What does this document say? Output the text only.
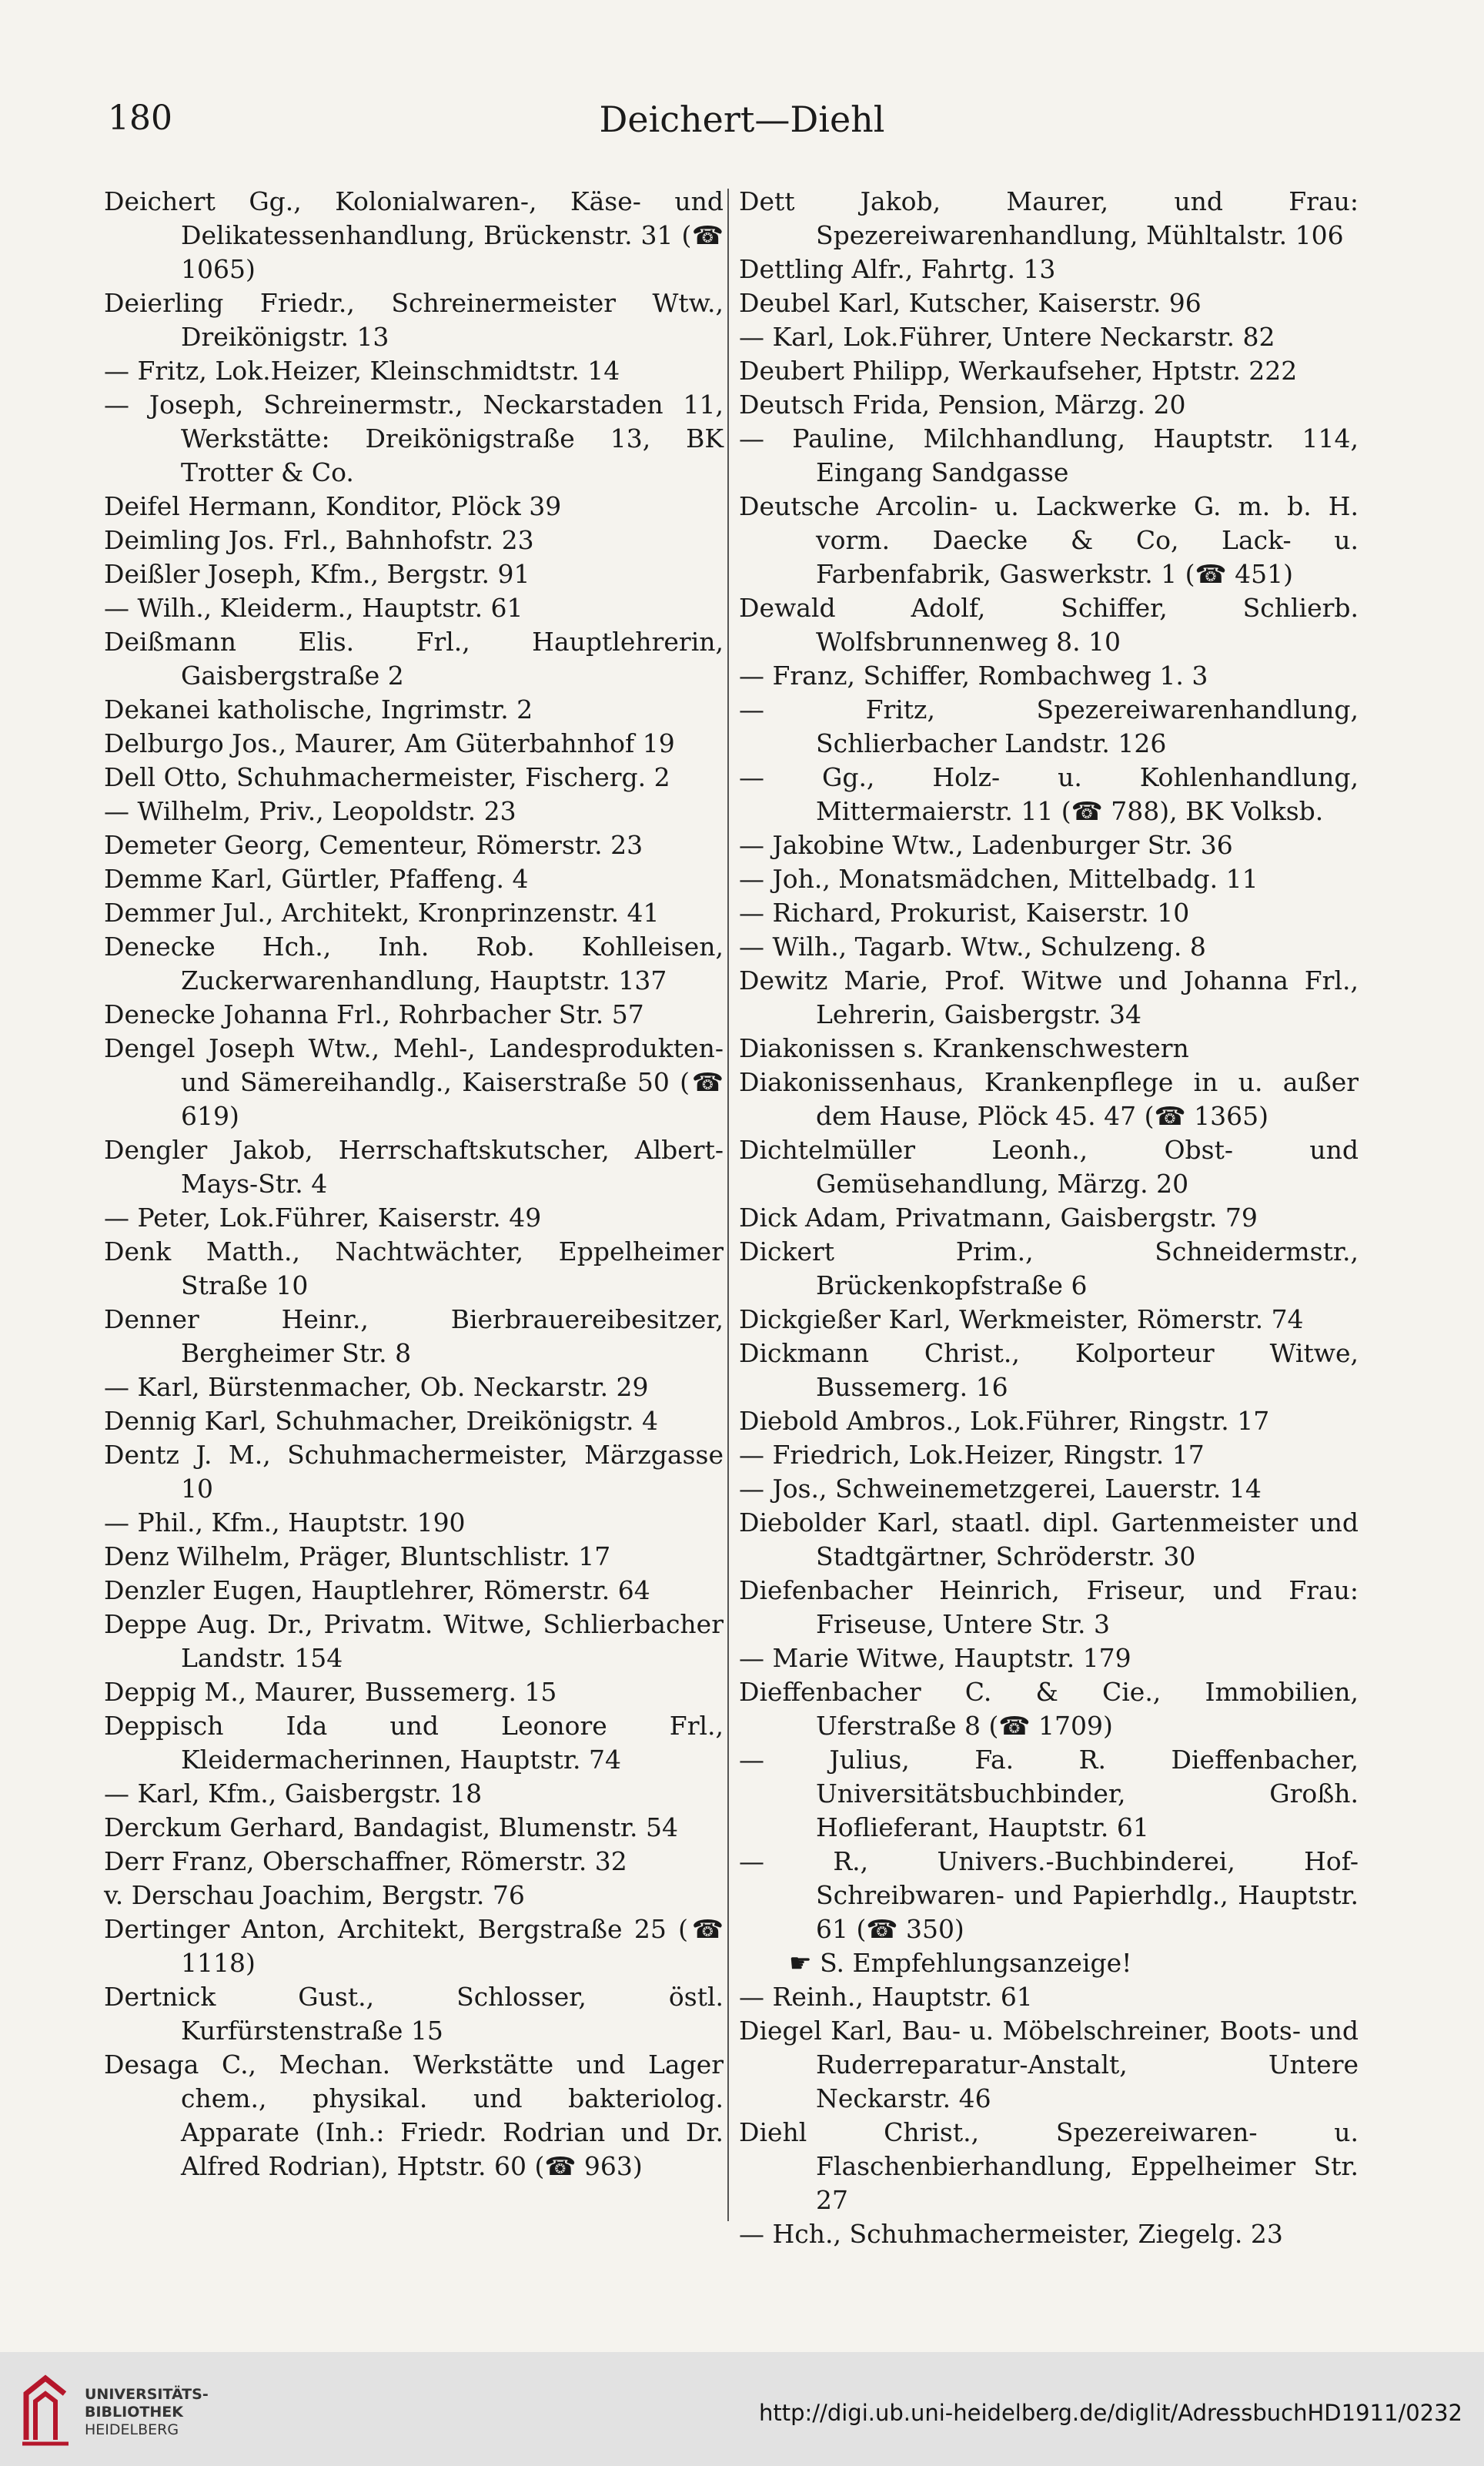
180	Deichert—Diehl
Deichert Gg., Kolonialwaren-, Käse- und Delikatessenhandlung, Brückenstr. 31 (☎ 1065)
Deierling Friedr., Schreinermeister Wtw., Dreikönigstr. 13
— Fritz, Lok.Heizer, Kleinschmidtstr. 14
— Joseph, Schreinermstr., Neckarstaden 11, Werkstätte: Dreikönigstraße 13, BK Trotter & Co.
Deifel Hermann, Konditor, Plöck 39
Deimling Jos. Frl., Bahnhofstr. 23
Deißler Joseph, Kfm., Bergstr. 91
— Wilh., Kleiderm., Hauptstr. 61
Deißmann Elis. Frl., Hauptlehrerin, Gaisbergstraße 2
Dekanei katholische, Ingrimstr. 2
Delburgo Jos., Maurer, Am Güterbahnhof 19
Dell Otto, Schuhmachermeister, Fischerg. 2
— Wilhelm, Priv., Leopoldstr. 23
Demeter Georg, Cementeur, Römerstr. 23
Demme Karl, Gürtler, Pfaffeng. 4
Demmer Jul., Architekt, Kronprinzenstr. 41
Denecke Hch., Inh. Rob. Kohlleisen, Zuckerwarenhandlung, Hauptstr. 137
Denecke Johanna Frl., Rohrbacher Str. 57
Dengel Joseph Wtw., Mehl-, Landesprodukten- und Sämereihandlg., Kaiserstraße 50 (☎ 619)
Dengler Jakob, Herrschaftskutscher, Albert-Mays-Str. 4
— Peter, Lok.Führer, Kaiserstr. 49
Denk Matth., Nachtwächter, Eppelheimer Straße 10
Denner Heinr., Bierbrauereibesitzer, Bergheimer Str. 8
— Karl, Bürstenmacher, Ob. Neckarstr. 29
Dennig Karl, Schuhmacher, Dreikönigstr. 4
Dentz J. M., Schuhmachermeister, Märzgasse 10
— Phil., Kfm., Hauptstr. 190
Denz Wilhelm, Präger, Bluntschlistr. 17
Denzler Eugen, Hauptlehrer, Römerstr. 64
Deppe Aug. Dr., Privatm. Witwe, Schlierbacher Landstr. 154
Deppig M., Maurer, Bussemerg. 15
Deppisch Ida und Leonore Frl., Kleidermacherinnen, Hauptstr. 74
— Karl, Kfm., Gaisbergstr. 18
Derckum Gerhard, Bandagist, Blumenstr. 54
Derr Franz, Oberschaffner, Römerstr. 32
v. Derschau Joachim, Bergstr. 76
Dertinger Anton, Architekt, Bergstraße 25 (☎ 1118)
Dertnick Gust., Schlosser, östl. Kurfürstenstraße 15
Desaga C., Mechan. Werkstätte und Lager chem., physikal. und bakteriolog. Apparate (Inh.: Friedr. Rodrian und Dr. Alfred Rodrian), Hptstr. 60 (☎ 963)
Dett Jakob, Maurer, und Frau: Spezereiwarenhandlung, Mühltalstr. 106
Dettling Alfr., Fahrtg. 13
Deubel Karl, Kutscher, Kaiserstr. 96
— Karl, Lok.Führer, Untere Neckarstr. 82
Deubert Philipp, Werkaufseher, Hptstr. 222
Deutsch Frida, Pension, Märzg. 20
— Pauline, Milchhandlung, Hauptstr. 114, Eingang Sandgasse
Deutsche Arcolin- u. Lackwerke G. m. b. H. vorm. Daecke & Co, Lack- u. Farbenfabrik, Gaswerkstr. 1 (☎ 451)
Dewald Adolf, Schiffer, Schlierb. Wolfsbrunnenweg 8. 10
— Franz, Schiffer, Rombachweg 1. 3
— Fritz, Spezereiwarenhandlung, Schlierbacher Landstr. 126
— Gg., Holz- u. Kohlenhandlung, Mittermaierstr. 11 (☎ 788), BK Volksb.
— Jakobine Wtw., Ladenburger Str. 36
— Joh., Monatsmädchen, Mittelbadg. 11
— Richard, Prokurist, Kaiserstr. 10
— Wilh., Tagarb. Wtw., Schulzeng. 8
Dewitz Marie, Prof. Witwe und Johanna Frl., Lehrerin, Gaisbergstr. 34
Diakonissen s. Krankenschwestern
Diakonissenhaus, Krankenpflege in u. außer dem Hause, Plöck 45. 47 (☎ 1365)
Dichtelmüller Leonh., Obst- und Gemüsehandlung, Märzg. 20
Dick Adam, Privatmann, Gaisbergstr. 79
Dickert Prim., Schneidermstr., Brückenkopfstraße 6
Dickgießer Karl, Werkmeister, Römerstr. 74
Dickmann Christ., Kolporteur Witwe, Bussemerg. 16
Diebold Ambros., Lok.Führer, Ringstr. 17
— Friedrich, Lok.Heizer, Ringstr. 17
— Jos., Schweinemetzgerei, Lauerstr. 14
Diebolder Karl, staatl. dipl. Gartenmeister und Stadtgärtner, Schröderstr. 30
Diefenbacher Heinrich, Friseur, und Frau: Friseuse, Untere Str. 3
— Marie Witwe, Hauptstr. 179
Dieffenbacher C. & Cie., Immobilien, Uferstraße 8 (☎ 1709)
— Julius, Fa. R. Dieffenbacher, Universitätsbuchbinder, Großh. Hoflieferant, Hauptstr. 61
— R., Univers.-Buchbinderei, Hof-Schreibwaren- und Papierhdlg., Hauptstr. 61 (☎ 350)
☛ S. Empfehlungsanzeige!
— Reinh., Hauptstr. 61
Diegel Karl, Bau- u. Möbelschreiner, Boots- und Ruderreparatur-Anstalt, Untere Neckarstr. 46
Diehl Christ., Spezereiwaren- u. Flaschenbierhandlung, Eppelheimer Str. 27
— Hch., Schuhmachermeister, Ziegelg. 23
UNIVERSITÄTS-
BIBLIOTHEK
HEIDELBERG
http://digi.ub.uni-heidelberg.de/diglit/AdressbuchHD1911/0232
